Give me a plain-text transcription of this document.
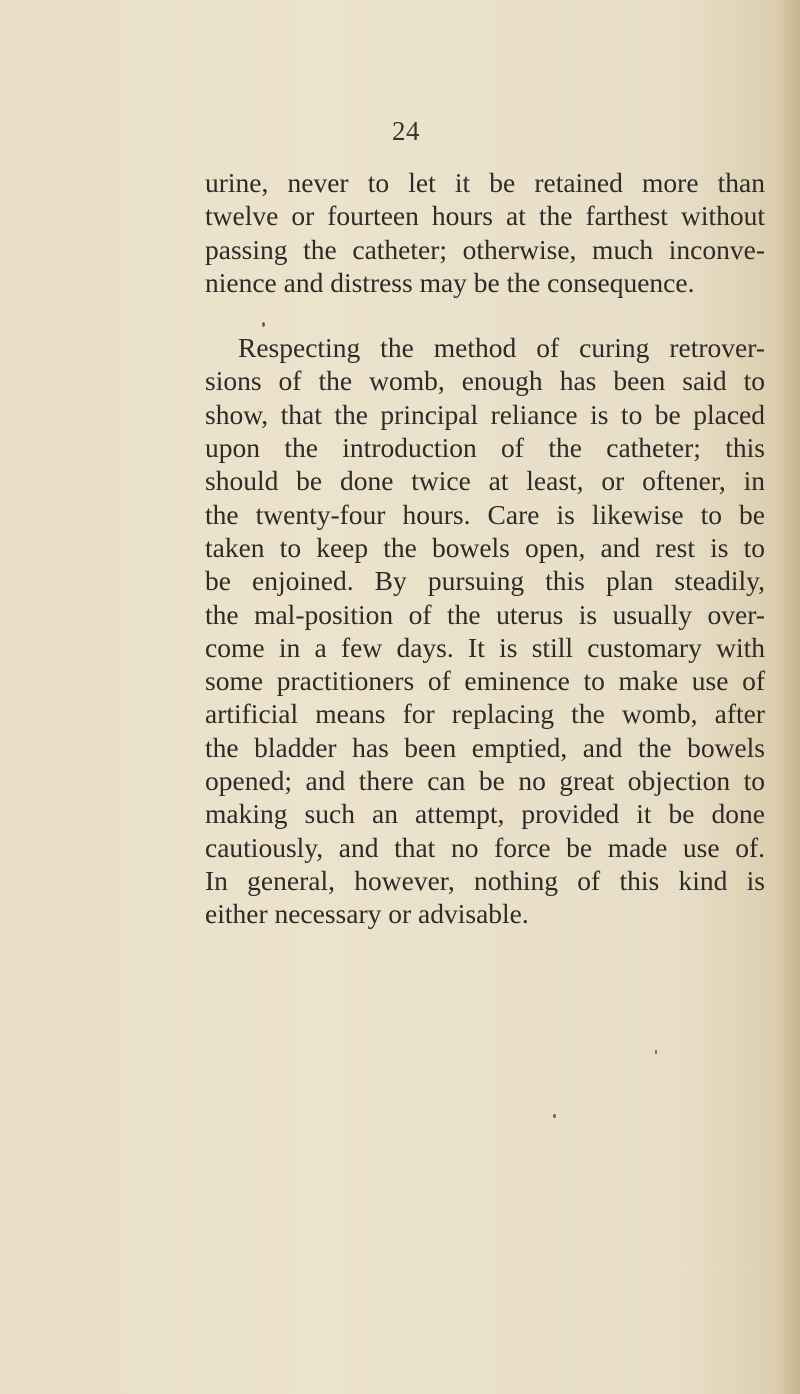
24
urine, never to let it be retained more than
twelve or fourteen hours at the farthest without
passing the catheter; otherwise, much inconve-
nience and distress may be the consequence.
Respecting the method of curing retrover-
sions of the womb, enough has been said to
show, that the principal reliance is to be placed
upon the introduction of the catheter; this
should be done twice at least, or oftener, in
the twenty-four hours. Care is likewise to be
taken to keep the bowels open, and rest is to
be enjoined. By pursuing this plan steadily,
the mal-position of the uterus is usually over-
come in a few days. It is still customary with
some practitioners of eminence to make use of
artificial means for replacing the womb, after
the bladder has been emptied, and the bowels
opened; and there can be no great objection to
making such an attempt, provided it be done
cautiously, and that no force be made use of.
In general, however, nothing of this kind is
either necessary or advisable.
